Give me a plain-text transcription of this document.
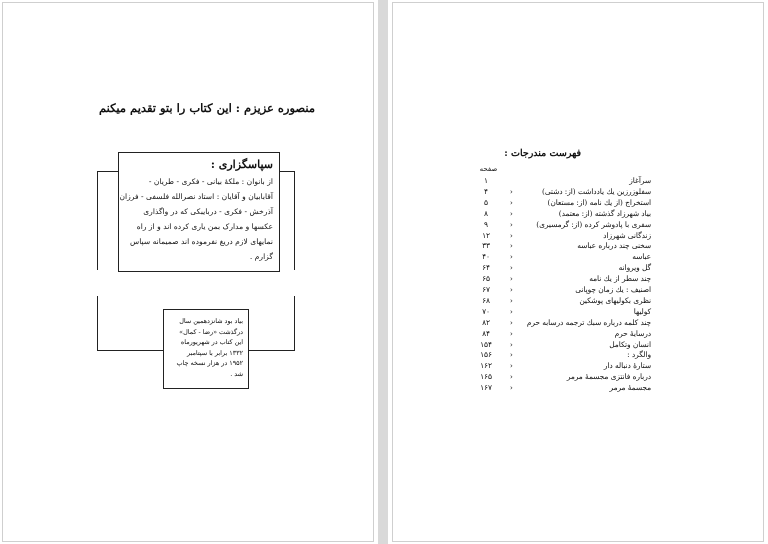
منصوره عزیزم : این کتاب را بتو تقدیم میکنم
سپاسگزاری :
از بانوان : ملکهٔ بیانی - فکری - طریان -
آقابابیان و آقایان : استاد نصرالله فلسفی - فرزان
آذرخش - فکری - دربایبکی که در واگذاری
عکسها و مدارک بمن یاری کرده اند و از راه
نمایهای لازم دریغ نفرموده اند صمیمانه سپاس
گزارم .
بیاد بود شانزدهمین سال
درگذشت «رضا - کمال»
این کتاب در شهریورماه
۱۳۳۲ برابر با سپتامبر
۱۹۵۲ در هزار نسخه چاپ
شد .
فهرست مندرجات :
صفحه
سرآغاز
۱
سفلوزرزین یك یادداشت (از: دشتی)
›
۴
استخراج (از یك نامه (از: مستعان)
›
۵
بیاد شهرزاد گذشته (از: معتمد)
›
۸
سفری با پادوشر کرده (از: گرمسیری)
›
۹
زندگانی شهرزاد
›
۱۲
سخنی چند درباره عباسه
›
۳۳
عباسه
›
۴۰
گل ویروانه
›
۶۴
چند سطر از یك نامه
›
۶۵
اصنیف : یك زمان چوپانی
›
۶۷
نظری بکولیهای پوشکین
›
۶۸
کولیها
›
۷۰
چند کلمه درباره سبك ترجمه درسابه حرم
›
۸۲
درسایهٔ حرم
›
۸۴
انسان وتکامل
›
۱۵۴
والگرد :
›
۱۵۶
ستارهٔ دنباله دار
›
۱۶۲
درباره فانتزی مجسمهٔ مرمر
›
۱۶۵
مجسمهٔ مرمر
›
۱۶۷
